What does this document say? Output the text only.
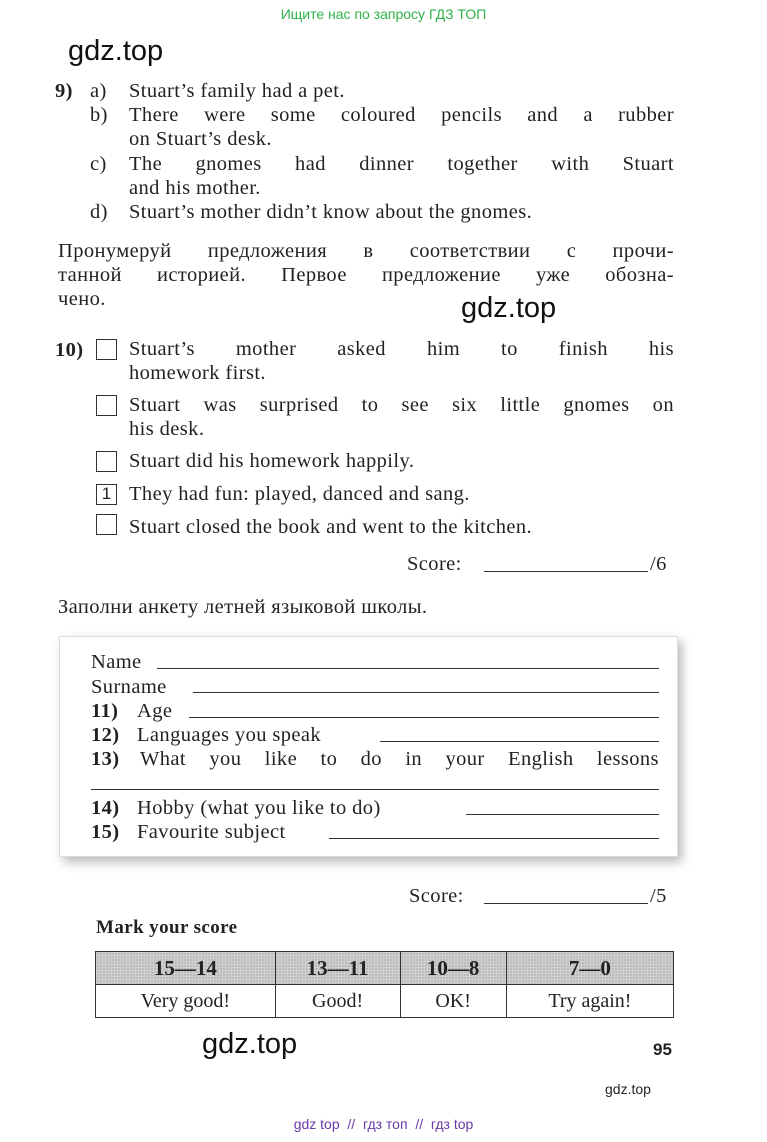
Ищите нас по запросу ГДЗ ТОП
gdz.top
gdz.top
gdz.top
9) a) Stuart’s family had a pet.
b) There were some coloured pencils and a rubber
on Stuart’s desk.
c) The gnomes had dinner together with Stuart
and his mother.
d) Stuart’s mother didn’t know about the gnomes.
Пронумеруй предложения в соответствии с прочи-
танной историей. Первое предложение уже обозна-
чено.
10) Stuart’s mother asked him to finish his
homework first.
Stuart was surprised to see six little gnomes on
his desk.
Stuart did his homework happily.
1 They had fun: played, danced and sang.
Stuart closed the book and went to the kitchen.
Score:	/6
Заполни анкету летней языковой школы.
Name
Surname
11) Age
12) Languages you speak
13) What you like to do in your English lessons
14) Hobby (what you like to do)
15) Favourite subject
Score:	/5
Mark your score
15—14	13—11	10—8	7—0
Very good!	Good!	OK!	Try again!
95
gdz.top
gdz top  //  гдз топ  //  гдз top
